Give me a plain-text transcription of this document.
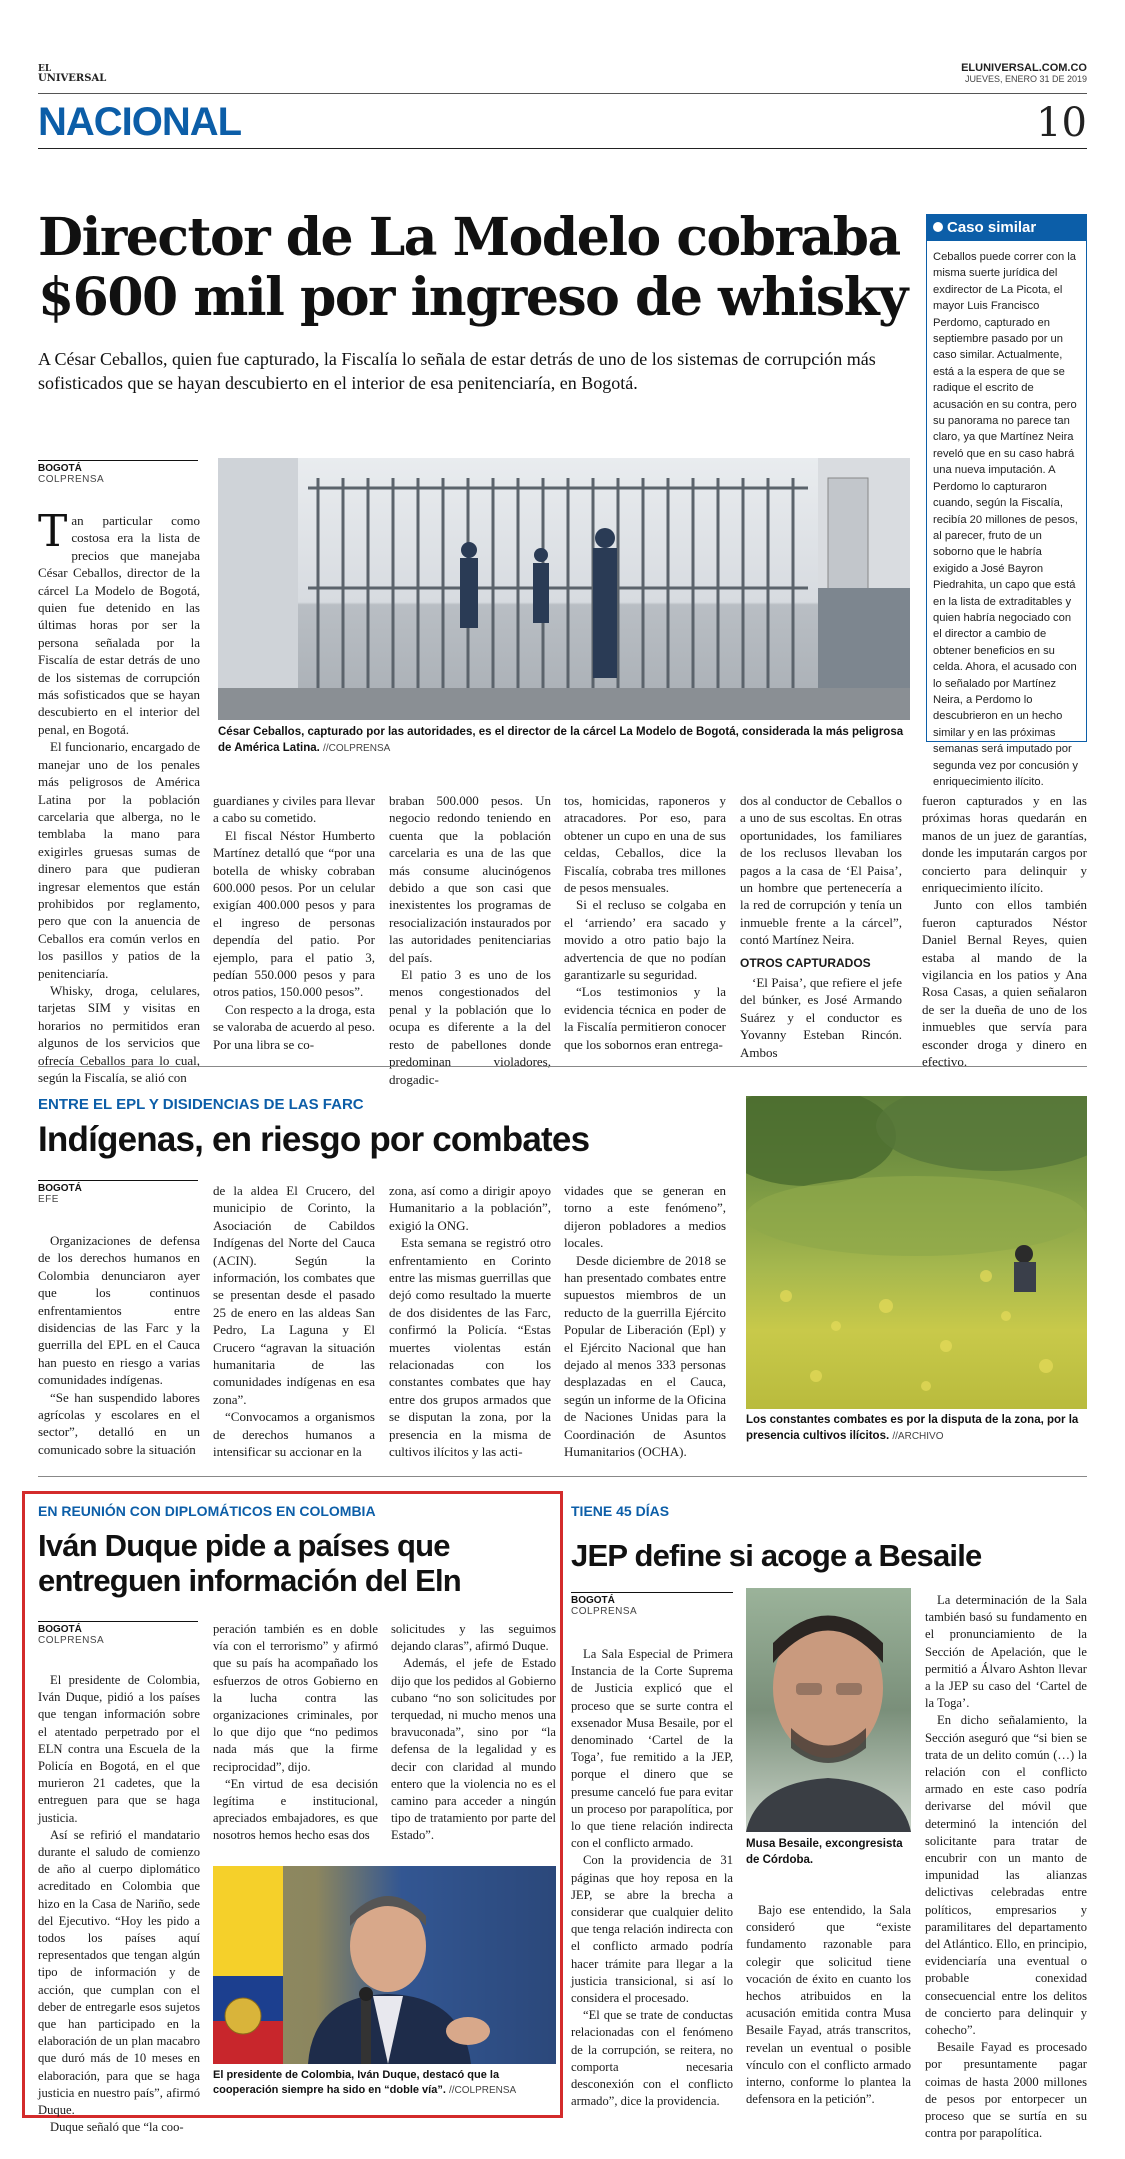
EL
UNIVERSAL
ELUNIVERSAL.COM.CO
JUEVES, ENERO 31 DE 2019
NACIONAL	10
Director de La Modelo cobraba
$600 mil por ingreso de whisky
A César Ceballos, quien fue capturado, la Fiscalía lo señala de estar detrás de uno de los sistemas de corrupción más sofisticados que se hayan descubierto en el interior de esa penitenciaría, en Bogotá.
BOGOTÁ
COLPRENSA
César Ceballos, capturado por las autoridades, es el director de la cárcel La Modelo de Bogotá, considerada la más peligrosa de América Latina. //COLPRENSA

Tan particular como costosa era la lista de precios que manejaba César Ceballos, director de la cárcel La Modelo de Bogotá, quien fue detenido en las últimas horas por ser la persona señalada por la Fiscalía de estar detrás de uno de los sistemas de corrupción más sofisticados que se hayan descubierto en el interior del penal, en Bogotá.

El funcionario, encargado de manejar uno de los penales más peligrosos de América Latina por la población carcelaria que alberga, no le temblaba la mano para exigirles gruesas sumas de dinero para que pudieran ingresar elementos que están prohibidos por reglamento, pero que con la anuencia de Ceballos era común verlos en los pasillos y patios de la penitenciaría.

Whisky, droga, celulares, tarjetas SIM y visitas en horarios no permitidos eran algunos de los servicios que ofrecía Ceballos para lo cual, según la Fiscalía, se alió con

guardianes y civiles para llevar a cabo su cometido.

El fiscal Néstor Humberto Martínez detalló que “por una botella de whisky cobraban 600.000 pesos. Por un celular exigían 400.000 pesos y para el ingreso de personas dependía del patio. Por ejemplo, para el patio 3, pedían 550.000 pesos y para otros patios, 150.000 pesos”.

Con respecto a la droga, esta se valoraba de acuerdo al peso. Por una libra se co-

braban 500.000 pesos. Un negocio redondo teniendo en cuenta que la población carcelaria es una de las que más consume alucinógenos debido a que son casi que inexistentes los programas de resocialización instaurados por las autoridades penitenciarias del país.

El patio 3 es uno de los menos congestionados del penal y la población que lo ocupa es diferente a la del resto de pabellones donde predominan violadores, drogadic-

tos, homicidas, raponeros y atracadores. Por eso, para obtener un cupo en una de sus celdas, Ceballos, dice la Fiscalía, cobraba tres millones de pesos mensuales.

Si el recluso se colgaba en el ‘arriendo’ era sacado y movido a otro patio bajo la advertencia de que no podían garantizarle su seguridad.

“Los testimonios y la evidencia técnica en poder de la Fiscalía permitieron conocer que los sobornos eran entrega-

dos al conductor de Ceballos o a uno de sus escoltas. En otras oportunidades, los familiares de los reclusos llevaban los pagos a la casa de ‘El Paisa’, un hombre que pertenecería a la red de corrupción y tenía un inmueble frente a la cárcel”, contó Martínez Neira.

OTROS CAPTURADOS

‘El Paisa’, que refiere el jefe del búnker, es José Armando Suárez y el conductor es Yovanny Esteban Rincón. Ambos

fueron capturados y en las próximas horas quedarán en manos de un juez de garantías, donde les imputarán cargos por concierto para delinquir y enriquecimiento ilícito.

Junto con ellos también fueron capturados Néstor Daniel Bernal Reyes, quien estaba al mando de la vigilancia en los patios y Ana Rosa Casas, a quien señalaron de ser la dueña de uno de los inmuebles que servía para esconder droga y dinero en efectivo.

Caso similar
Ceballos puede correr con la misma suerte jurídica del exdirector de La Picota, el mayor Luis Francisco Perdomo, capturado en septiembre pasado por un caso similar. Actualmente, está a la espera de que se radique el escrito de acusación en su contra, pero su panorama no parece tan claro, ya que Martínez Neira reveló que en su caso habrá una nueva imputación. A Perdomo lo capturaron cuando, según la Fiscalía, recibía 20 millones de pesos, al parecer, fruto de un soborno que le habría exigido a José Bayron Piedrahita, un capo que está en la lista de extraditables y quien habría negociado con el director a cambio de obtener beneficios en su celda. Ahora, el acusado con lo señalado por Martínez Neira, a Perdomo lo descubrieron en un hecho similar y en las próximas semanas será imputado por segunda vez por concusión y enriquecimiento ilícito.
ENTRE EL EPL Y DISIDENCIAS DE LAS FARC
Indígenas, en riesgo por combates
BOGOTÁ
EFE

Organizaciones de defensa de los derechos humanos en Colombia denunciaron ayer que los continuos enfrentamientos entre disidencias de las Farc y la guerrilla del EPL en el Cauca han puesto en riesgo a varias comunidades indígenas.

“Se han suspendido labores agrícolas y escolares en el sector”, detalló en un comunicado sobre la situación

de la aldea El Crucero, del municipio de Corinto, la Asociación de Cabildos Indígenas del Norte del Cauca (ACIN). Según la información, los combates que se presentan desde el pasado 25 de enero en las aldeas San Pedro, La Laguna y El Crucero “agravan la situación humanitaria de las comunidades indígenas en esa zona”.

“Convocamos a organismos de derechos humanos a intensificar su accionar en la

zona, así como a dirigir apoyo Humanitario a la población”, exigió la ONG.

Esta semana se registró otro enfrentamiento en Corinto entre las mismas guerrillas que dejó como resultado la muerte de dos disidentes de las Farc, confirmó la Policía. “Estas muertes violentas están relacionadas con los constantes combates que hay entre dos grupos armados que se disputan la zona, por la presencia en la misma de cultivos ilícitos y las acti-

vidades que se generan en torno a este fenómeno”, dijeron pobladores a medios locales.

Desde diciembre de 2018 se han presentado combates entre supuestos miembros de un reducto de la guerrilla Ejército Popular de Liberación (Epl) y el Ejército Nacional que han dejado al menos 333 personas desplazadas en el Cauca, según un informe de la Oficina de Naciones Unidas para la Coordinación de Asuntos Humanitarios (OCHA).

Los constantes combates es por la disputa de la zona, por la presencia cultivos ilícitos. //ARCHIVO
EN REUNIÓN CON DIPLOMÁTICOS EN COLOMBIA
Iván Duque pide a países que
entreguen información del Eln
BOGOTÁ
COLPRENSA

El presidente de Colombia, Iván Duque, pidió a los países que tengan información sobre el atentado perpetrado por el ELN contra una Escuela de la Policía en Bogotá, en el que murieron 21 cadetes, que la entreguen para que se haga justicia.

Así se refirió el mandatario durante el saludo de comienzo de año al cuerpo diplomático acreditado en Colombia que hizo en la Casa de Nariño, sede del Ejecutivo. “Hoy les pido a todos los países aquí representados que tengan algún tipo de información y de acción, que cumplan con el deber de entregarle esos sujetos que han participado en la elaboración de un plan macabro que duró más de 10 meses en elaboración, para que se haga justicia en nuestro país”, afirmó Duque.

Duque señaló que “la coo-

peración también es en doble vía con el terrorismo” y afirmó que su país ha acompañado los esfuerzos de otros Gobierno en la lucha contra las organizaciones criminales, por lo que dijo que “no pedimos nada más que la firme reciprocidad”, dijo.

“En virtud de esa decisión legítima e institucional, apreciados embajadores, es que nosotros hemos hecho esas dos

solicitudes y las seguimos dejando claras”, afirmó Duque.

Además, el jefe de Estado dijo que los pedidos al Gobierno cubano “no son solicitudes por terquedad, ni mucho menos una bravuconada”, sino por “la defensa de la legalidad y es decir con claridad al mundo entero que la violencia no es el camino para acceder a ningún tipo de tratamiento por parte del Estado”.

El presidente de Colombia, Iván Duque, destacó que la cooperación siempre ha sido en “doble vía”. //COLPRENSA
TIENE 45 DÍAS
JEP define si acoge a Besaile
BOGOTÁ
COLPRENSA

La Sala Especial de Primera Instancia de la Corte Suprema de Justicia explicó que el proceso que se surte contra el exsenador Musa Besaile, por el denominado ‘Cartel de la Toga’, fue remitido a la JEP, porque el dinero que se presume canceló fue para evitar un proceso por parapolítica, por lo que tiene relación indirecta con el conflicto armado.

Con la providencia de 31 páginas que hoy reposa en la JEP, se abre la brecha a considerar que cualquier delito que tenga relación indirecta con el conflicto armado podría hacer trámite para llegar a la justicia transicional, si así lo considera el procesado.

“El que se trate de conductas relacionadas con el fenómeno de la corrupción, se reitera, no comporta necesaria desconexión con el conflicto armado”, dice la providencia.

Musa Besaile, excongresista de Córdoba.

Bajo ese entendido, la Sala consideró que “existe fundamento razonable para colegir que solicitud tiene vocación de éxito en cuanto los hechos atribuidos en la acusación emitida contra Musa Besaile Fayad, atrás transcritos, revelan un eventual o posible vínculo con el conflicto armado interno, conforme lo plantea la defensora en la petición”.

La determinación de la Sala también basó su fundamento en el pronunciamiento de la Sección de Apelación, que le permitió a Álvaro Ashton llevar a la JEP su caso del ‘Cartel de la Toga’.

En dicho señalamiento, la Sección aseguró que “si bien se trata de un delito común (…) la relación con el conflicto armado en este caso podría derivarse del móvil que determinó la intención del solicitante para tratar de encubrir con un manto de impunidad las alianzas delictivas celebradas entre políticos, empresarios y paramilitares del departamento del Atlántico. Ello, en principio, evidenciaría una eventual o probable conexidad consecuencial entre los delitos de concierto para delinquir y cohecho”.

Besaile Fayad es procesado por presuntamente pagar coimas de hasta 2000 millones de pesos por entorpecer un proceso que se surtía en su contra por parapolítica.
